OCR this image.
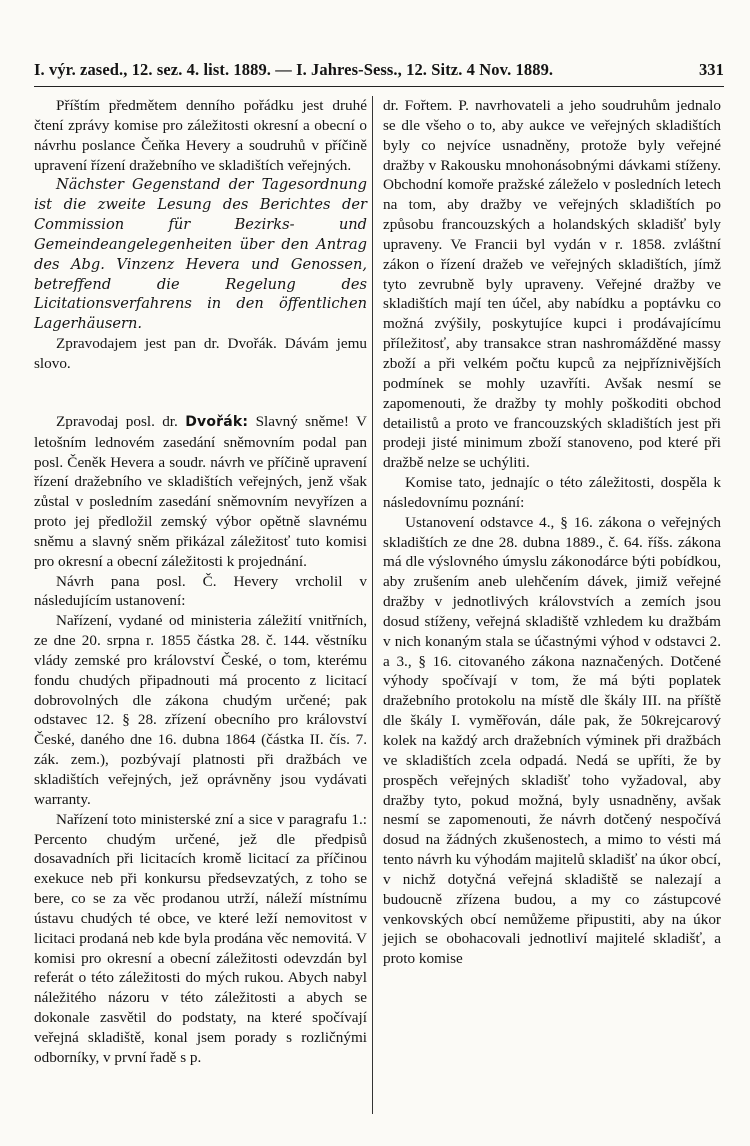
I. výr. zased., 12. sez. 4. list. 1889. — I. Jahres-Sess., 12. Sitz. 4 Nov. 1889.	331

Příštím předmětem denního pořádku jest druhé čtení zprávy komise pro záležitosti okresní a obecní o návrhu poslance Čeňka Hevery a soudruhů v příčině upravení řízení dražebního ve skladištích veřejných.

Nächster Gegenstand der Tagesordnung ist die zweite Lesung des Berichtes der Commission für Bezirks- und Gemeindeangelegenheiten über den Antrag des Abg. Vinzenz Hevera und Genossen, betreffend die Regelung des Licitationsverfahrens in den öffentlichen Lagerhäusern.

Zpravodajem jest pan dr. Dvořák. Dávám jemu slovo.

Zpravodaj posl. dr. Dvořák: Slavný sněme! V letošním lednovém zasedání sněmovním podal pan posl. Čeněk Hevera a soudr. návrh ve příčině upravení řízení dražebního ve skladištích veřejných, jenž však zůstal v posledním zasedání sněmovním nevyřízen a proto jej předložil zemský výbor opětně slavnému sněmu a slavný sněm přikázal záležitosť tuto komisi pro okresní a obecní záležitosti k projednání.

Návrh pana posl. Č. Hevery vrcholil v následujícím ustanovení:

Nařízení, vydané od ministeria záležití vnitřních, ze dne 20. srpna r. 1855 částka 28. č. 144. věstníku vlády zemské pro království České, o tom, kterému fondu chudých připadnouti má procento z licitací dobrovolných dle zákona chudým určené; pak odstavec 12. § 28. zřízení obecního pro království České, daného dne 16. dubna 1864 (částka II. čís. 7. zák. zem.), pozbývají platnosti při dražbách ve skladištích veřejných, jež oprávněny jsou vydávati warranty.

Nařízení toto ministerské zní a sice v paragrafu 1.: Percento chudým určené, jež dle předpisů dosavadních při licitacích kromě licitací za příčinou exekuce neb při konkursu předsevzatých, z toho se bere, co se za věc prodanou utrží, náleží místnímu ústavu chudých té obce, ve které leží nemovitost v licitaci prodaná neb kde byla prodána věc nemovitá. V komisi pro okresní a obecní záležitosti odevzdán byl referát o této záležitosti do mých rukou. Abych nabyl náležitého názoru v této záležitosti a abych se dokonale zasvětil do podstaty, na které spočívají veřejná skladiště, konal jsem porady s rozličnými odborníky, v první řadě s p.

dr. Fořtem. P. navrhovateli a jeho soudruhům jednalo se dle všeho o to, aby aukce ve veřejných skladištích byly co nejvíce usnadněny, protože byly veřejné dražby v Rakousku mnohonásobnými dávkami stíženy. Obchodní komoře pražské záleželo v posledních letech na tom, aby dražby ve veřejných skladištích po způsobu francouzských a holandských skladišť byly upraveny. Ve Francii byl vydán v r. 1858. zvláštní zákon o řízení dražeb ve veřejných skladištích, jímž tyto zevrubně byly upraveny. Veřejné dražby ve skladištích mají ten účel, aby nabídku a poptávku co možná zvýšily, poskytujíce kupci i prodávajícímu příležitosť, aby transakce stran nashromážděné massy zboží a při velkém počtu kupců za nejpříznivějších podmínek se mohly uzavříti. Avšak nesmí se zapomenouti, že dražby ty mohly poškoditi obchod detailistů a proto ve francouzských skladištích jest při prodeji jisté minimum zboží stanoveno, pod které při dražbě nelze se uchýliti.

Komise tato, jednajíc o této záležitosti, dospěla k následovnímu poznání:

Ustanovení odstavce 4., § 16. zákona o veřejných skladištích ze dne 28. dubna 1889., č. 64. říšs. zákona má dle výslovného úmyslu zákonodárce býti pobídkou, aby zrušením aneb ulehčením dávek, jimiž veřejné dražby v jednotlivých královstvích a zemích jsou dosud stíženy, veřejná skladiště vzhledem ku dražbám v nich konaným stala se účastnými výhod v odstavci 2. a 3., § 16. citovaného zákona naznačených. Dotčené výhody spočívají v tom, že má býti poplatek dražebního protokolu na místě dle škály III. na příště dle škály I. vyměřován, dále pak, že 50krejcarový kolek na každý arch dražebních výminek při dražbách ve skladištích zcela odpadá. Nedá se upříti, že by prospěch veřejných skladišť toho vyžadoval, aby dražby tyto, pokud možná, byly usnadněny, avšak nesmí se zapomenouti, že návrh dotčený nespočívá dosud na žádných zkušenostech, a mimo to vésti má tento návrh ku výhodám majitelů skladišť na úkor obcí, v nichž dotyčná veřejná skladiště se nalezají a budoucně zřízena budou, a my co zástupcové venkovských obcí nemůžeme připustiti, aby na úkor jejich se obohacovali jednotliví majitelé skladišť, a proto komise
